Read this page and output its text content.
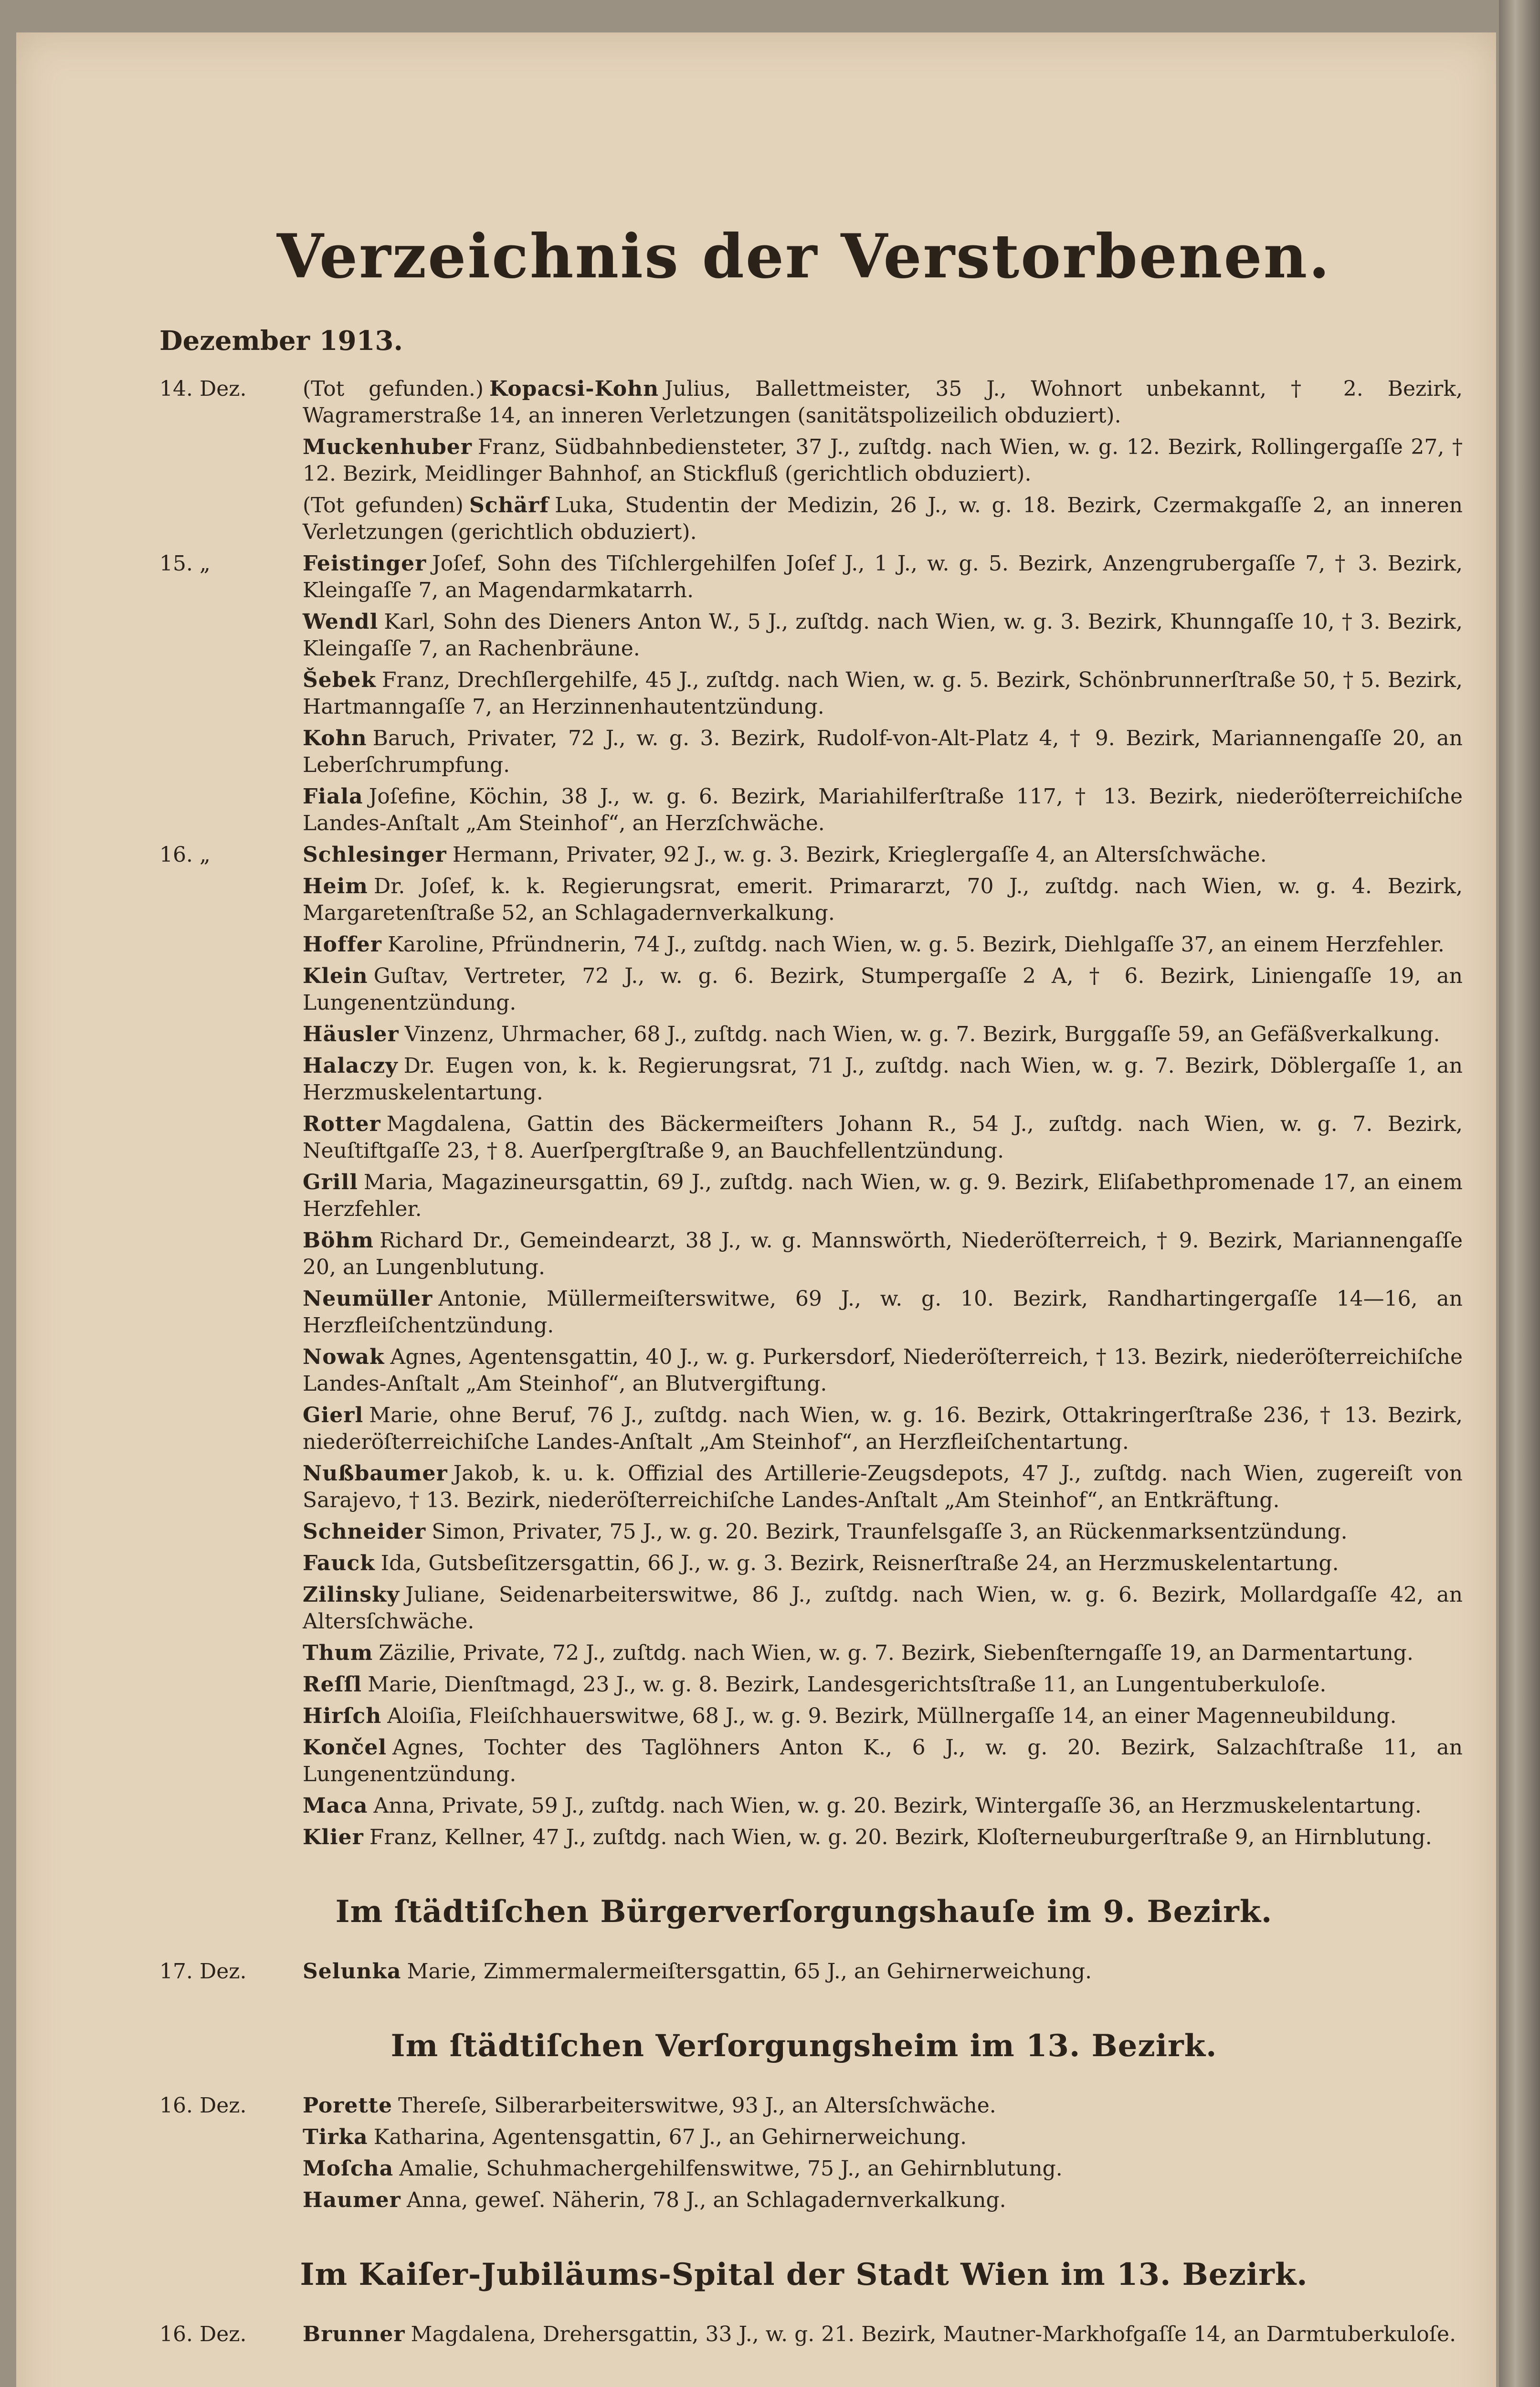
Verzeichnis der Verstorbenen.
Dezember 1913.
14. Dez.	(Tot gefunden.) Kopacsi-Kohn Julius, Ballettmeister, 35 J., Wohnort unbekannt, † 2. Bezirk, Wagramerstraße 14, an inneren Verletzungen (sanitätspolizeilich obduziert).
Muckenhuber Franz, Südbahnbediensteter, 37 J., zuſtdg. nach Wien, w. g. 12. Bezirk, Rollingergaſſe 27, † 12. Bezirk, Meidlinger Bahnhof, an Stickfluß (gerichtlich obduziert).
(Tot gefunden) Schärf Luka, Studentin der Medizin, 26 J., w. g. 18. Bezirk, Czermakgaſſe 2, an inneren Verletzungen (gerichtlich obduziert).
15. „	Feistinger Joſef, Sohn des Tiſchlergehilfen Joſef J., 1 J., w. g. 5. Bezirk, Anzengrubergaſſe 7, † 3. Bezirk, Kleingaſſe 7, an Magendarmkatarrh.
Wendl Karl, Sohn des Dieners Anton W., 5 J., zuſtdg. nach Wien, w. g. 3. Bezirk, Khunngaſſe 10, † 3. Bezirk, Kleingaſſe 7, an Rachenbräune.
Šebek Franz, Drechſlergehilfe, 45 J., zuſtdg. nach Wien, w. g. 5. Bezirk, Schönbrunnerſtraße 50, † 5. Bezirk, Hartmanngaſſe 7, an Herzinnenhautentzündung.
Kohn Baruch, Privater, 72 J., w. g. 3. Bezirk, Rudolf-von-Alt-Platz 4, † 9. Bezirk, Mariannengaſſe 20, an Leberſchrumpfung.
Fiala Joſefine, Köchin, 38 J., w. g. 6. Bezirk, Mariahilferſtraße 117, † 13. Bezirk, niederöſterreichiſche Landes-Anſtalt „Am Steinhof“, an Herzſchwäche.
16. „	Schlesinger Hermann, Privater, 92 J., w. g. 3. Bezirk, Krieglergaſſe 4, an Altersſchwäche.
Heim Dr. Joſef, k. k. Regierungsrat, emerit. Primararzt, 70 J., zuſtdg. nach Wien, w. g. 4. Bezirk, Margaretenſtraße 52, an Schlagadernverkalkung.
Hoffer Karoline, Pfründnerin, 74 J., zuſtdg. nach Wien, w. g. 5. Bezirk, Diehlgaſſe 37, an einem Herzfehler.
Klein Guſtav, Vertreter, 72 J., w. g. 6. Bezirk, Stumpergaſſe 2 A, † 6. Bezirk, Liniengaſſe 19, an Lungenentzündung.
Häusler Vinzenz, Uhrmacher, 68 J., zuſtdg. nach Wien, w. g. 7. Bezirk, Burggaſſe 59, an Gefäßverkalkung.
Halaczy Dr. Eugen von, k. k. Regierungsrat, 71 J., zuſtdg. nach Wien, w. g. 7. Bezirk, Döblergaſſe 1, an Herzmuskelentartung.
Rotter Magdalena, Gattin des Bäckermeiſters Johann R., 54 J., zuſtdg. nach Wien, w. g. 7. Bezirk, Neuſtiftgaſſe 23, † 8. Auerſpergſtraße 9, an Bauchfellentzündung.
Grill Maria, Magazineursgattin, 69 J., zuſtdg. nach Wien, w. g. 9. Bezirk, Eliſabethpromenade 17, an einem Herzfehler.
Böhm Richard Dr., Gemeindearzt, 38 J., w. g. Mannswörth, Niederöſterreich, † 9. Bezirk, Mariannengaſſe 20, an Lungenblutung.
Neumüller Antonie, Müllermeiſterswitwe, 69 J., w. g. 10. Bezirk, Randhartingergaſſe 14—16, an Herzfleiſchentzündung.
Nowak Agnes, Agentensgattin, 40 J., w. g. Purkersdorf, Niederöſterreich, † 13. Bezirk, niederöſterreichiſche Landes-Anſtalt „Am Steinhof“, an Blutvergiftung.
Gierl Marie, ohne Beruf, 76 J., zuſtdg. nach Wien, w. g. 16. Bezirk, Ottakringerſtraße 236, † 13. Bezirk, niederöſterreichiſche Landes-Anſtalt „Am Steinhof“, an Herzfleiſchentartung.
Nußbaumer Jakob, k. u. k. Offizial des Artillerie-Zeugsdepots, 47 J., zuſtdg. nach Wien, zugereiſt von Sarajevo, † 13. Bezirk, niederöſterreichiſche Landes-Anſtalt „Am Steinhof“, an Entkräftung.
Schneider Simon, Privater, 75 J., w. g. 20. Bezirk, Traunfelsgaſſe 3, an Rückenmarksentzündung.
Fauck Ida, Gutsbeſitzersgattin, 66 J., w. g. 3. Bezirk, Reisnerſtraße 24, an Herzmuskelentartung.
Zilinsky Juliane, Seidenarbeiterswitwe, 86 J., zuſtdg. nach Wien, w. g. 6. Bezirk, Mollardgaſſe 42, an Altersſchwäche.
Thum Zäzilie, Private, 72 J., zuſtdg. nach Wien, w. g. 7. Bezirk, Siebenſterngaſſe 19, an Darmentartung.
Reſſl Marie, Dienſtmagd, 23 J., w. g. 8. Bezirk, Landesgerichtsſtraße 11, an Lungentuberkuloſe.
Hirſch Aloiſia, Fleiſchhauerswitwe, 68 J., w. g. 9. Bezirk, Müllnergaſſe 14, an einer Magenneubildung.
Končel Agnes, Tochter des Taglöhners Anton K., 6 J., w. g. 20. Bezirk, Salzachſtraße 11, an Lungenentzündung.
Maca Anna, Private, 59 J., zuſtdg. nach Wien, w. g. 20. Bezirk, Wintergaſſe 36, an Herzmuskelentartung.
Klier Franz, Kellner, 47 J., zuſtdg. nach Wien, w. g. 20. Bezirk, Kloſterneuburgerſtraße 9, an Hirnblutung.
Im ſtädtiſchen Bürgerverſorgungshauſe im 9. Bezirk.
17. Dez.	Selunka Marie, Zimmermalermeiſtersgattin, 65 J., an Gehirnerweichung.
Im ſtädtiſchen Verſorgungsheim im 13. Bezirk.
16. Dez.	Porette Thereſe, Silberarbeiterswitwe, 93 J., an Altersſchwäche.
Tirka Katharina, Agentensgattin, 67 J., an Gehirnerweichung.
Moſcha Amalie, Schuhmachergehilfenswitwe, 75 J., an Gehirnblutung.
Haumer Anna, geweſ. Näherin, 78 J., an Schlagadernverkalkung.
Im Kaiſer-Jubiläums-Spital der Stadt Wien im 13. Bezirk.
16. Dez.	Brunner Magdalena, Drehersgattin, 33 J., w. g. 21. Bezirk, Mautner-Markhofgaſſe 14, an Darmtuberkuloſe.
